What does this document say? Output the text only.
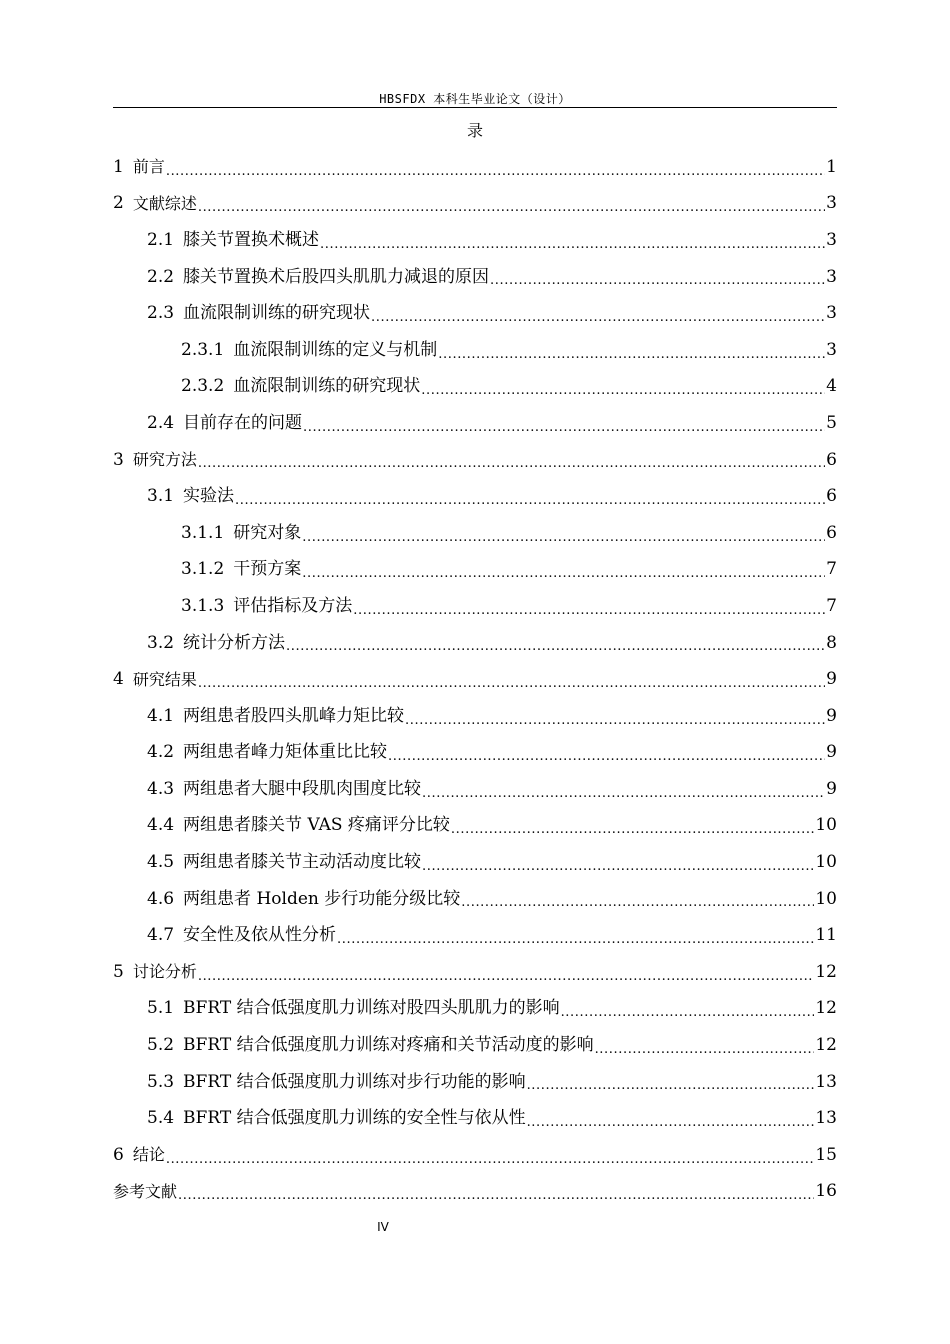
HBSFDX 本科生毕业论文（设计）
录
1 前言 .....	1
2 文献综述 .....	3
2.1 膝关节置换术概述 .....	3
2.2 膝关节置换术后股四头肌肌力减退的原因 .....	3
2.3 血流限制训练的研究现状 .....	3
2.3.1 血流限制训练的定义与机制 .....	3
2.3.2 血流限制训练的研究现状 .....	4
2.4 目前存在的问题 .....	5
3 研究方法 .....	6
3.1 实验法 .....	6
3.1.1 研究对象 .....	6
3.1.2 干预方案 .....	7
3.1.3 评估指标及方法 .....	7
3.2 统计分析方法 .....	8
4 研究结果 .....	9
4.1 两组患者股四头肌峰力矩比较 .....	9
4.2 两组患者峰力矩体重比比较 .....	9
4.3 两组患者大腿中段肌肉围度比较 .....	9
4.4 两组患者膝关节 VAS 疼痛评分比较 .....	10
4.5 两组患者膝关节主动活动度比较 .....	10
4.6 两组患者 Holden 步行功能分级比较 .....	10
4.7 安全性及依从性分析 .....	11
5 讨论分析 .....	12
5.1 BFRT 结合低强度肌力训练对股四头肌肌力的影响 .....	12
5.2 BFRT 结合低强度肌力训练对疼痛和关节活动度的影响 .....	12
5.3 BFRT 结合低强度肌力训练对步行功能的影响 .....	13
5.4 BFRT 结合低强度肌力训练的安全性与依从性 .....	13
6 结论 .....	15
参考文献 .....	16
IV
